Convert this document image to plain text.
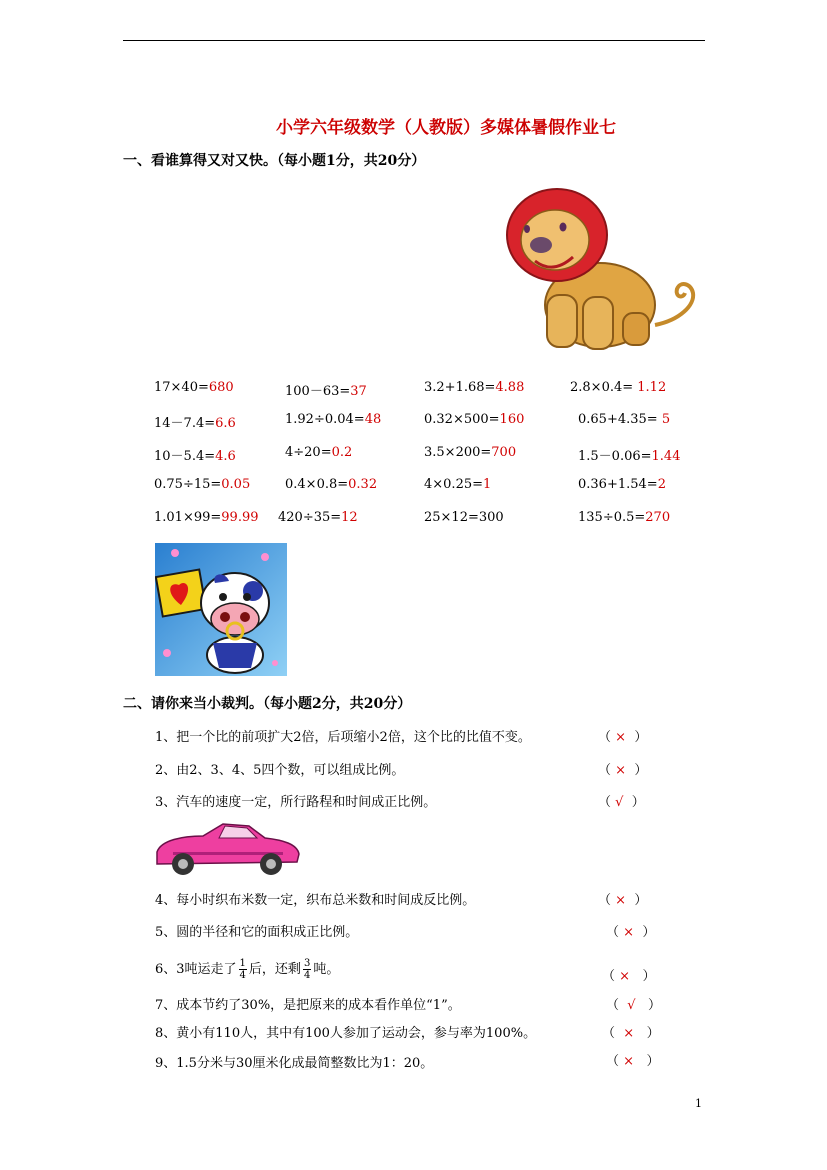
小学六年级数学（人教版）多媒体暑假作业七
一、看谁算得又对又快。（每小题1分，共20分）
17×40=680	100－63=37	3.2+1.68=4.88	2.8×0.4= 1.12
14－7.4=6.6	1.92÷0.04=48	0.32×500=160	0.65+4.35= 5
10－5.4=4.6	4÷20=0.2	3.5×200=700	1.5－0.06=1.44
0.75÷15=0.05	0.4×0.8=0.32	4×0.25=1	0.36+1.54=2
1.01×99=99.99 420÷35=12	25×12=300	135÷0.5=270
二、请你来当小裁判。（每小题2分，共20分）
1、把一个比的前项扩大2倍，后项缩小2倍，这个比的比值不变。	（ × ）
2、由2、3、4、5四个数，可以组成比例。	（ × ）
3、汽车的速度一定，所行路程和时间成正比例。	（ √ ）
4、每小时织布米数一定，织布总米数和时间成反比例。	（ × ）
5、圆的半径和它的面积成正比例。	（ × ）
6、3吨运走了 $\frac{1}{4}$ 后，还剩 $\frac{3}{4}$ 吨。	（ × ）
7、成本节约了30%，是把原来的成本看作单位“1”。	（ √ ）
8、黄小有110人，其中有100人参加了运动会，参与率为100%。	（ × ）
9、1.5分米与30厘米化成最简整数比为1：20。	（ × ）
1
